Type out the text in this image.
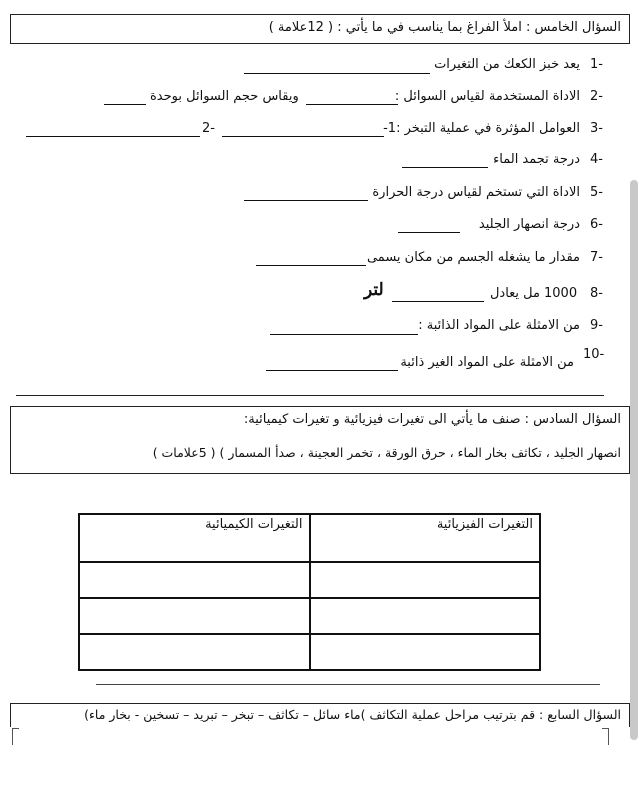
السؤال الخامس : املأ الفراغ بما يناسب في ما يأتي : ( 12علامة )
1-
يعد خبز الكعك من التغيرات
2-
الاداة المستخدمة لقياس السوائل :
ويقاس حجم السوائل بوحدة
3-
العوامل المؤثرة في عملية التبخر :1-
2-
4-
درجة تجمد الماء
5-
الاداة التي تستخم لقياس درجة الحرارة
6-
درجة انصهار الجليد
7-
مقدار ما يشغله الجسم من مكان يسمى
8-
1000
مل يعادل
لتر
9-
من الامثلة على المواد الذائبة :
10-
من الامثلة على المواد الغير ذائبة
السؤال السادس : صنف ما يأتي الى تغيرات فيزيائية و تغيرات كيميائية:
انصهار الجليد ، تكاثف بخار الماء ، حرق الورقة ، تخمر العجينة ، صدأ المسمار ) ( 5علامات )
التغيرات الفيزيائية	التغيرات الكيميائية

السؤال السابع : قم بترتيب مراحل عملية التكاثف )ماء سائل – تكاثف – تبخر – تبريد – تسخين - بخار ماء)
